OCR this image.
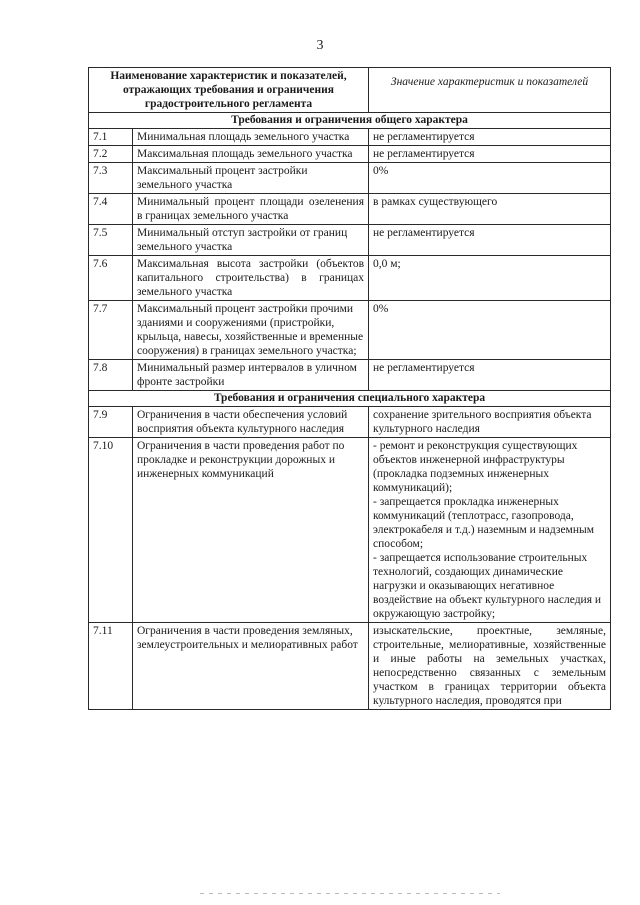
3
Наименование характеристик и показателей, отражающих требования и ограничения градостроительного регламента		Значение характеристик и показателей
Требования и ограничения общего характера		
7.1	Минимальная площадь земельного участка	не регламентируется
7.2	Максимальная площадь земельного участка	не регламентируется
7.3	Максимальный процент застройки земельного участка	0%
7.4	Минимальный процент площади озеленения в границах земельного участка	в рамках существующего
7.5	Минимальный отступ застройки от границ земельного участка	не регламентируется
7.6	Максимальная высота застройки (объектов капитального строительства) в границах земельного участка	0,0 м;
7.7	Максимальный процент застройки прочими зданиями и сооружениями (пристройки, крыльца, навесы, хозяйственные и временные сооружения) в границах земельного участка;	0%
7.8	Минимальный размер интервалов в уличном фронте застройки	не регламентируется
Требования и ограничения специального характера		
7.9	Ограничения в части обеспечения условий восприятия объекта культурного наследия	сохранение зрительного восприятия объекта культурного наследия
7.10	Ограничения в части проведения работ по прокладке и реконструкции дорожных и инженерных коммуникаций	- ремонт и реконструкция существующих объектов инженерной инфраструктуры (прокладка подземных инженерных коммуникаций);
- запрещается прокладка инженерных коммуникаций (теплотрасс, газопровода, электрокабеля и т.д.) наземным и надземным способом;
- запрещается использование строительных технологий, создающих динамические нагрузки и оказывающих негативное воздействие на объект культурного наследия и окружающую застройку;

7.11	Ограничения в части проведения земляных, землеустроительных и мелиоративных работ	изыскательские, проектные, земляные, строительные, мелиоративные, хозяйственные и иные работы на земельных участках, непосредственно связанных с земельным участком в границах территории объекта культурного наследия, проводятся при
